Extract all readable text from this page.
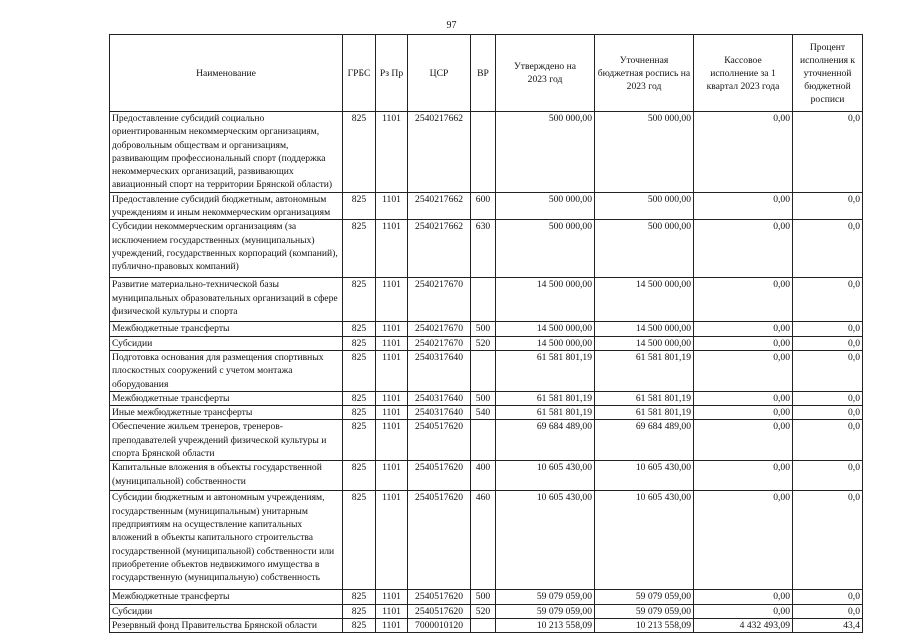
97
Наименование	ГРБС	Рз Пр	ЦСР	ВР	Утверждено на 2023 год	Уточненная бюджетная роспись на 2023 год	Кассовое исполнение за 1 квартал 2023 года	Процент исполнения к уточненной бюджетной росписи
Предоставление субсидий социально ориентированным некоммерческим организациям, добровольным обществам и организациям, развивающим профессиональный спорт (поддержка некоммерческих организаций, развивающих авиационный спорт на территории Брянской области)	825	1101	2540217662		500 000,00	500 000,00	0,00	0,0
Предоставление субсидий бюджетным, автономным учреждениям и иным некоммерческим организациям	825	1101	2540217662	600	500 000,00	500 000,00	0,00	0,0
Субсидии некоммерческим организациям (за исключением государственных (муниципальных) учреждений, государственных корпораций (компаний), публично-правовых компаний)	825	1101	2540217662	630	500 000,00	500 000,00	0,00	0,0
Развитие материально-технической базы муниципальных образовательных организаций в сфере физической культуры и спорта	825	1101	2540217670		14 500 000,00	14 500 000,00	0,00	0,0
Межбюджетные трансферты	825	1101	2540217670	500	14 500 000,00	14 500 000,00	0,00	0,0
Субсидии	825	1101	2540217670	520	14 500 000,00	14 500 000,00	0,00	0,0
Подготовка основания для размещения спортивных плоскостных сооружений с учетом монтажа оборудования	825	1101	2540317640		61 581 801,19	61 581 801,19	0,00	0,0
Межбюджетные трансферты	825	1101	2540317640	500	61 581 801,19	61 581 801,19	0,00	0,0
Иные межбюджетные трансферты	825	1101	2540317640	540	61 581 801,19	61 581 801,19	0,00	0,0
Обеспечение жильем тренеров, тренеров-преподавателей учреждений физической культуры и спорта Брянской области	825	1101	2540517620		69 684 489,00	69 684 489,00	0,00	0,0
Капитальные вложения в объекты государственной (муниципальной) собственности	825	1101	2540517620	400	10 605 430,00	10 605 430,00	0,00	0,0
Субсидии бюджетным и автономным учреждениям, государственным (муниципальным) унитарным предприятиям на осуществление капитальных вложений в объекты капитального строительства государственной (муниципальной) собственности или приобретение объектов недвижимого имущества в государственную (муниципальную) собственность	825	1101	2540517620	460	10 605 430,00	10 605 430,00	0,00	0,0
Межбюджетные трансферты	825	1101	2540517620	500	59 079 059,00	59 079 059,00	0,00	0,0
Субсидии	825	1101	2540517620	520	59 079 059,00	59 079 059,00	0,00	0,0
Резервный фонд Правительства Брянской области	825	1101	7000010120		10 213 558,09	10 213 558,09	4 432 493,09	43,4
